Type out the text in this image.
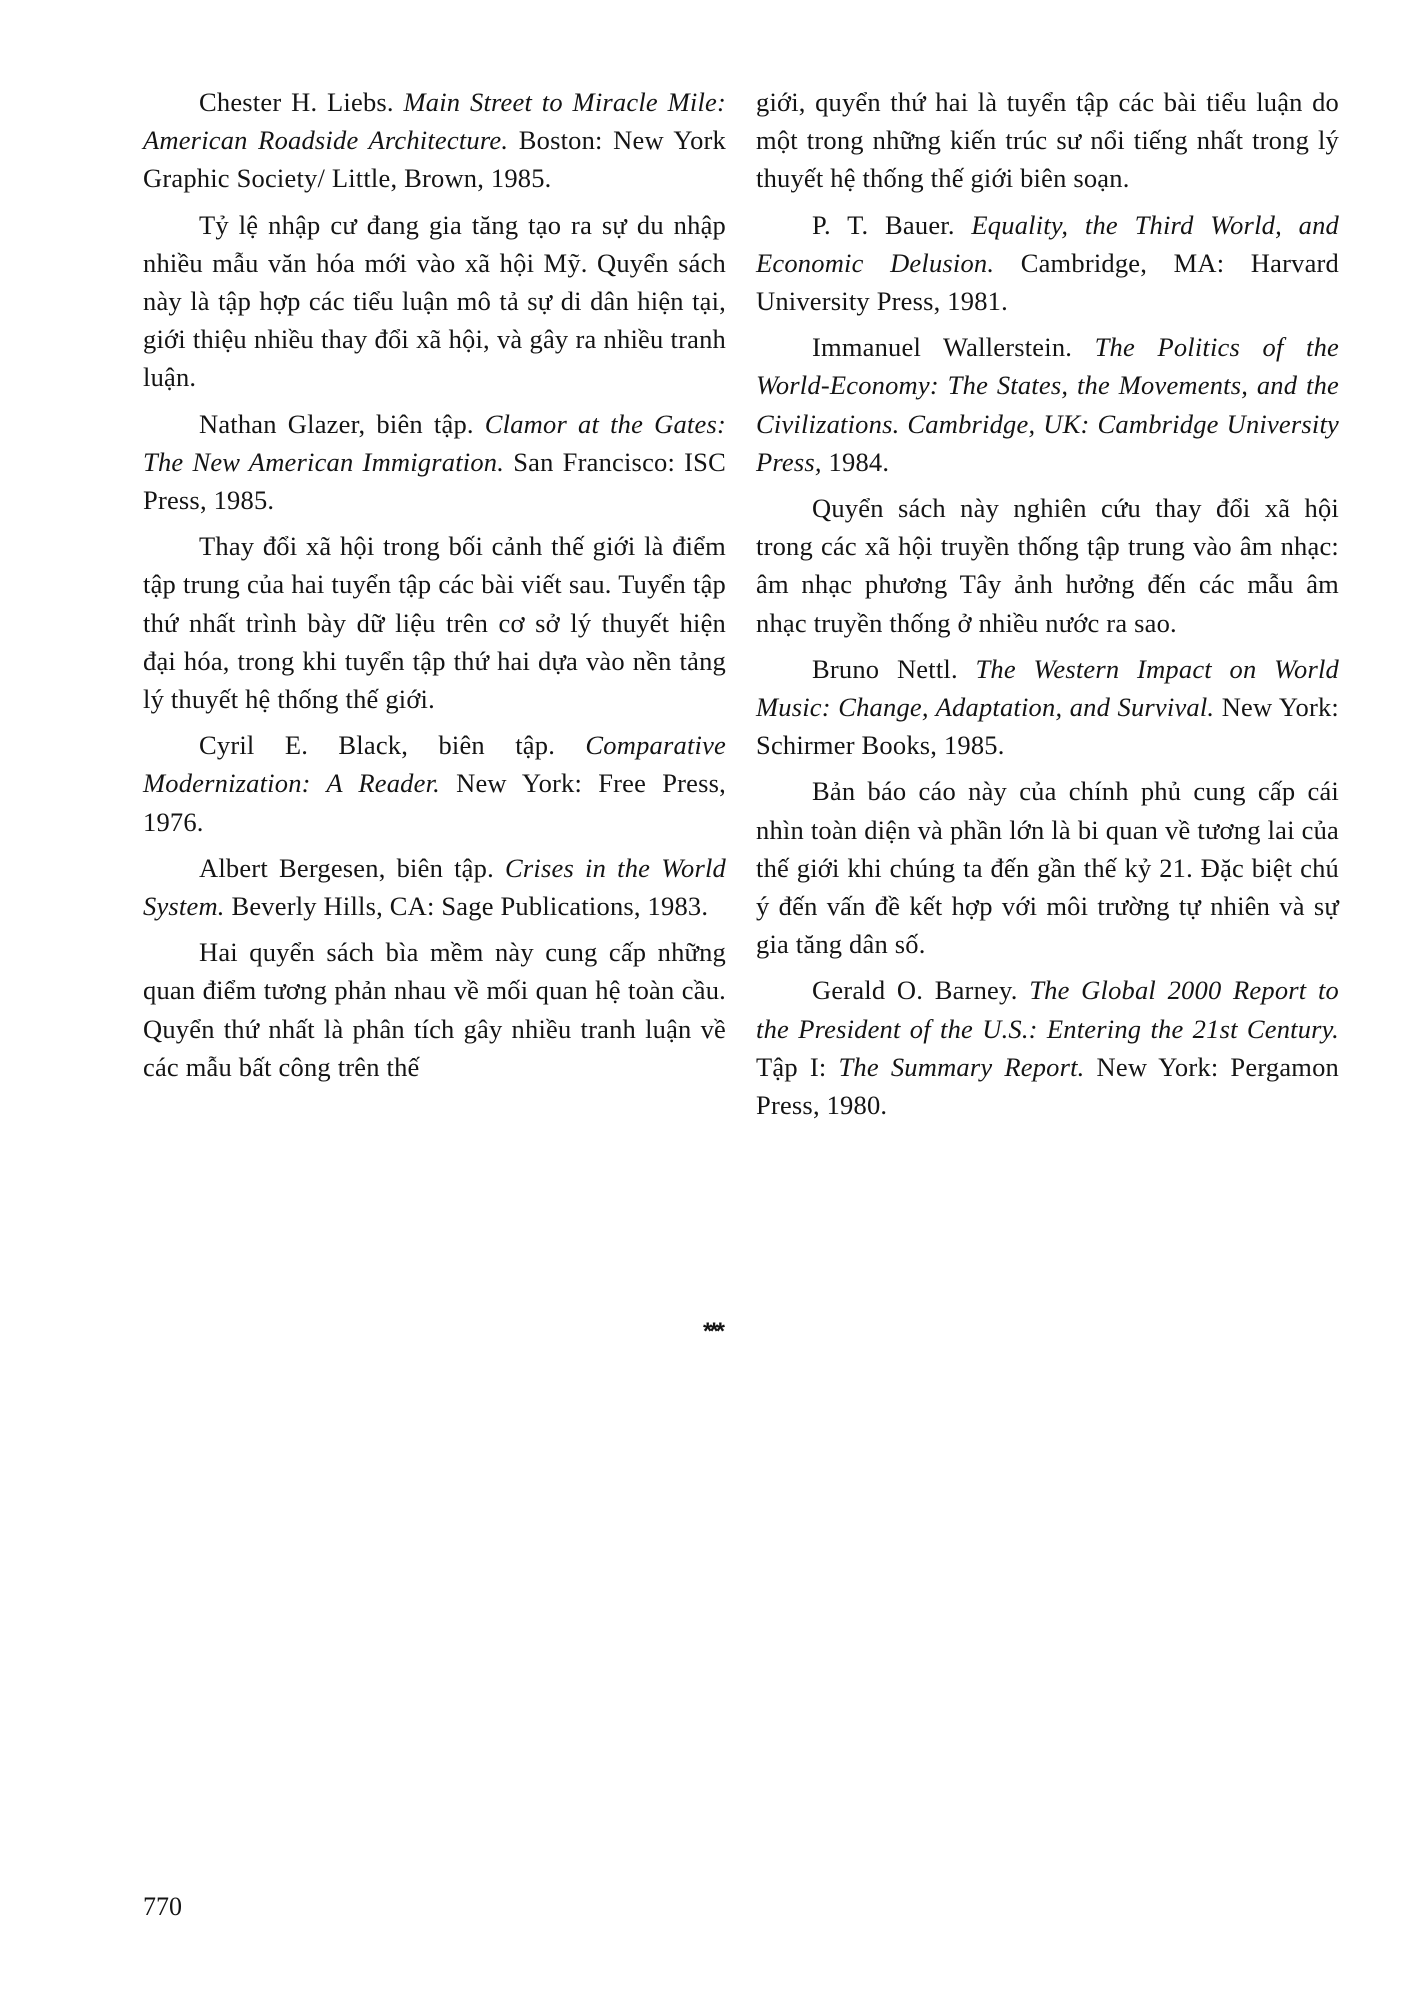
Chester H. Liebs. Main Street to Miracle Mile: American Roadside Architecture. Boston: New York Graphic Society/ Little, Brown, 1985.

Tỷ lệ nhập cư đang gia tăng tạo ra sự du nhập nhiều mẫu văn hóa mới vào xã hội Mỹ. Quyển sách này là tập hợp các tiểu luận mô tả sự di dân hiện tại, giới thiệu nhiều thay đổi xã hội, và gây ra nhiều tranh luận.

Nathan Glazer, biên tập. Clamor at the Gates: The New American Immigration. San Francisco: ISC Press, 1985.

Thay đổi xã hội trong bối cảnh thế giới là điểm tập trung của hai tuyển tập các bài viết sau. Tuyển tập thứ nhất trình bày dữ liệu trên cơ sở lý thuyết hiện đại hóa, trong khi tuyển tập thứ hai dựa vào nền tảng lý thuyết hệ thống thế giới.

Cyril E. Black, biên tập. Comparative Modernization: A Reader. New York: Free Press, 1976.

Albert Bergesen, biên tập. Crises in the World System. Beverly Hills, CA: Sage Publications, 1983.

Hai quyển sách bìa mềm này cung cấp những quan điểm tương phản nhau về mối quan hệ toàn cầu. Quyển thứ nhất là phân tích gây nhiều tranh luận về các mẫu bất công trên thế

giới, quyển thứ hai là tuyển tập các bài tiểu luận do một trong những kiến trúc sư nổi tiếng nhất trong lý thuyết hệ thống thế giới biên soạn.

P. T. Bauer. Equality, the Third World, and Economic Delusion. Cambridge, MA: Harvard University Press, 1981.

Immanuel Wallerstein. The Politics of the World-Economy: The States, the Movements, and the Civilizations. Cambridge, UK: Cambridge University Press, 1984.

Quyển sách này nghiên cứu thay đổi xã hội trong các xã hội truyền thống tập trung vào âm nhạc: âm nhạc phương Tây ảnh hưởng đến các mẫu âm nhạc truyền thống ở nhiều nước ra sao.

Bruno Nettl. The Western Impact on World Music: Change, Adaptation, and Survival. New York: Schirmer Books, 1985.

Bản báo cáo này của chính phủ cung cấp cái nhìn toàn diện và phần lớn là bi quan về tương lai của thế giới khi chúng ta đến gần thế kỷ 21. Đặc biệt chú ý đến vấn đề kết hợp với môi trường tự nhiên và sự gia tăng dân số.

Gerald O. Barney. The Global 2000 Report to the President of the U.S.: Entering the 21st Century. Tập I: The Summary Report. New York: Pergamon Press, 1980.

***
770
